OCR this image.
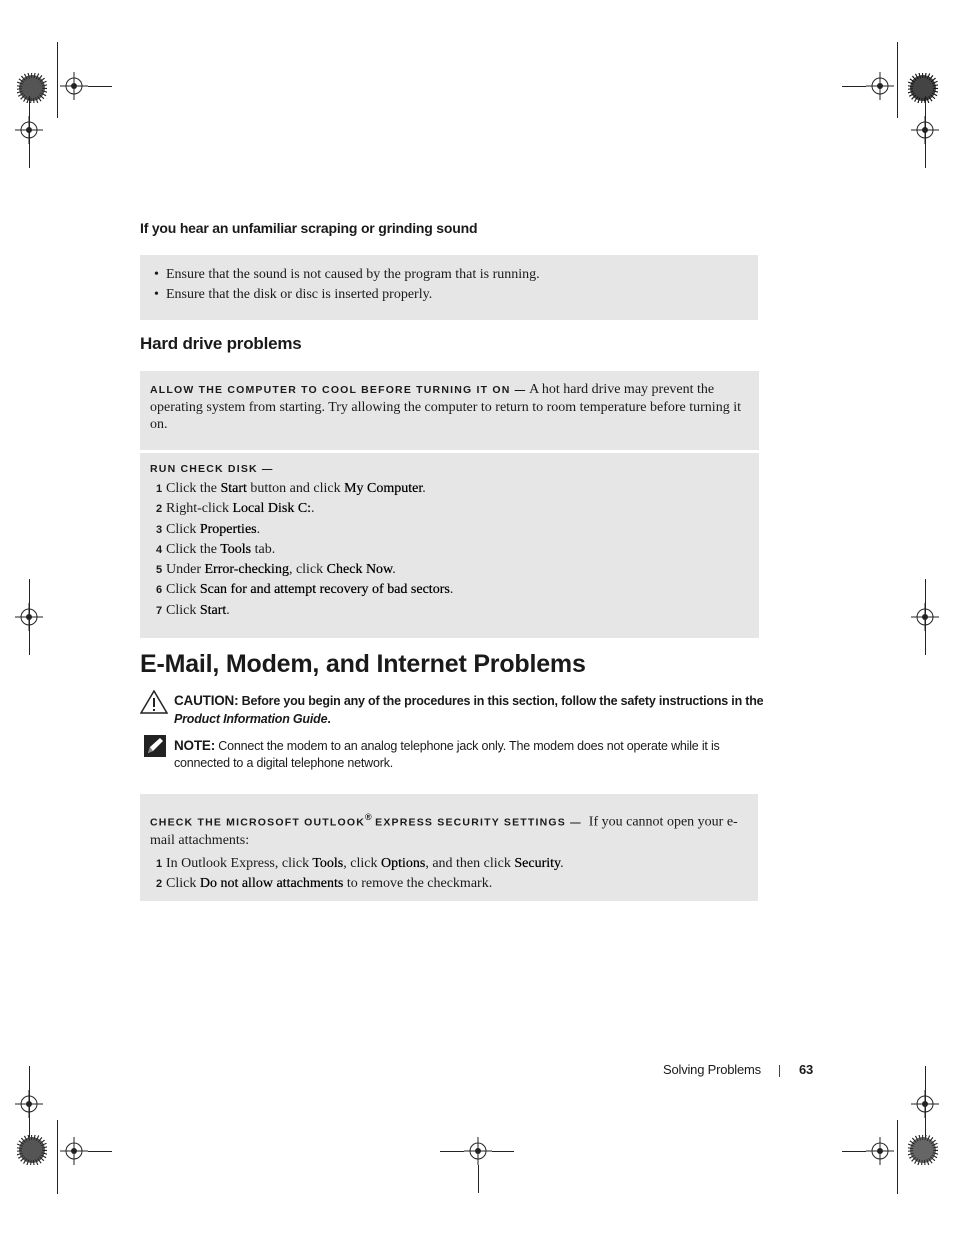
If you hear an unfamiliar scraping or grinding sound
• Ensure that the sound is not caused by the program that is running.
• Ensure that the disk or disc is inserted properly.
Hard drive problems
ALLOW THE COMPUTER TO COOL BEFORE TURNING IT ON — A hot hard drive may prevent the operating system from starting. Try allowing the computer to return to room temperature before turning it on.
RUN CHECK DISK —
1 Click the Start button and click My Computer.
2 Right-click Local Disk C:.
3 Click Properties.
4 Click the Tools tab.
5 Under Error-checking, click Check Now.
6 Click Scan for and attempt recovery of bad sectors.
7 Click Start.
E-Mail, Modem, and Internet Problems
CAUTION: Before you begin any of the procedures in this section, follow the safety instructions in the Product Information Guide.
NOTE: Connect the modem to an analog telephone jack only. The modem does not operate while it is connected to a digital telephone network.
CHECK THE MICROSOFT OUTLOOK® EXPRESS SECURITY SETTINGS — If you cannot open your e-mail attachments:
1 In Outlook Express, click Tools, click Options, and then click Security.
2 Click Do not allow attachments to remove the checkmark.
Solving Problems	63
